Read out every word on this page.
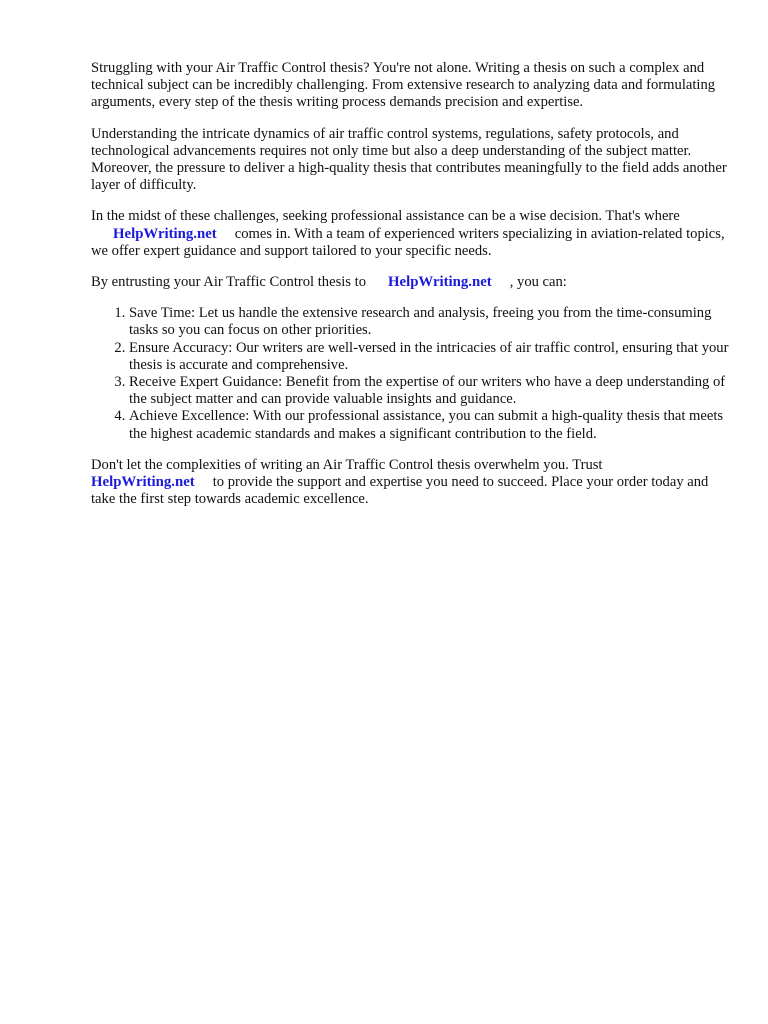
Struggling with your Air Traffic Control thesis? You're not alone. Writing a thesis on such a complex and technical subject can be incredibly challenging. From extensive research to analyzing data and formulating arguments, every step of the thesis writing process demands precision and expertise.

Understanding the intricate dynamics of air traffic control systems, regulations, safety protocols, and technological advancements requires not only time but also a deep understanding of the subject matter. Moreover, the pressure to deliver a high-quality thesis that contributes meaningfully to the field adds another layer of difficulty.

In the midst of these challenges, seeking professional assistance can be a wise decision. That's where
HelpWriting.net comes in. With a team of experienced writers specializing in aviation-related topics, we offer expert guidance and support tailored to your specific needs.

By entrusting your Air Traffic Control thesis to HelpWriting.net , you can:

1. Save Time: Let us handle the extensive research and analysis, freeing you from the time-consuming tasks so you can focus on other priorities.
2. Ensure Accuracy: Our writers are well-versed in the intricacies of air traffic control, ensuring that your thesis is accurate and comprehensive.
3. Receive Expert Guidance: Benefit from the expertise of our writers who have a deep understanding of the subject matter and can provide valuable insights and guidance.
4. Achieve Excellence: With our professional assistance, you can submit a high-quality thesis that meets the highest academic standards and makes a significant contribution to the field.

Don't let the complexities of writing an Air Traffic Control thesis overwhelm you. Trust
HelpWriting.net to provide the support and expertise you need to succeed. Place your order today and take the first step towards academic excellence.
